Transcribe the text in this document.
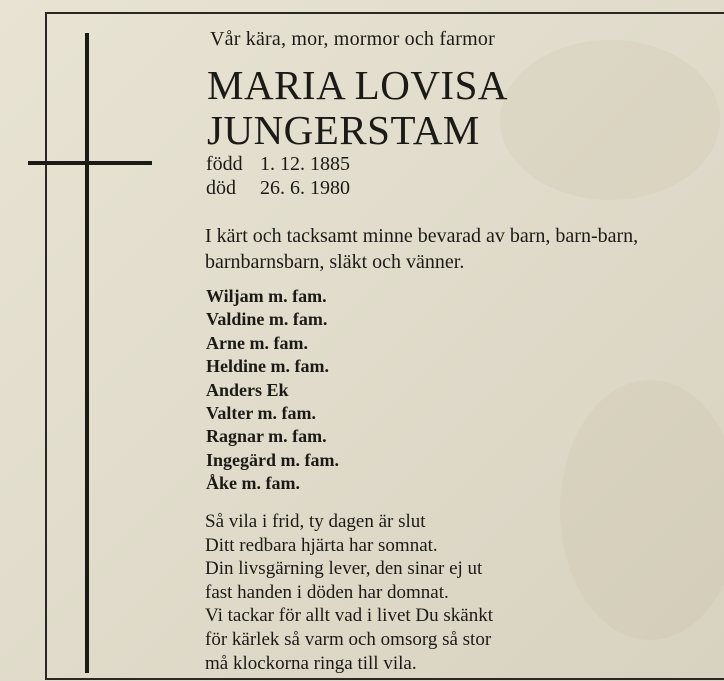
Vår kära, mor, mormor och farmor
MARIA LOVISA
JUNGERSTAM
född 1. 12. 1885
död 26. 6. 1980
I kärt och tacksamt minne bevarad av barn, barn-barn, barnbarnsbarn, släkt och vänner.
Wiljam m. fam.
Valdine m. fam.
Arne m. fam.
Heldine m. fam.
Anders Ek
Valter m. fam.
Ragnar m. fam.
Ingegärd m. fam.
Åke m. fam.
Så vila i frid, ty dagen är slut
Ditt redbara hjärta har somnat.
Din livsgärning lever, den sinar ej ut
fast handen i döden har domnat.
Vi tackar för allt vad i livet Du skänkt
för kärlek så varm och omsorg så stor
må klockorna ringa till vila.
